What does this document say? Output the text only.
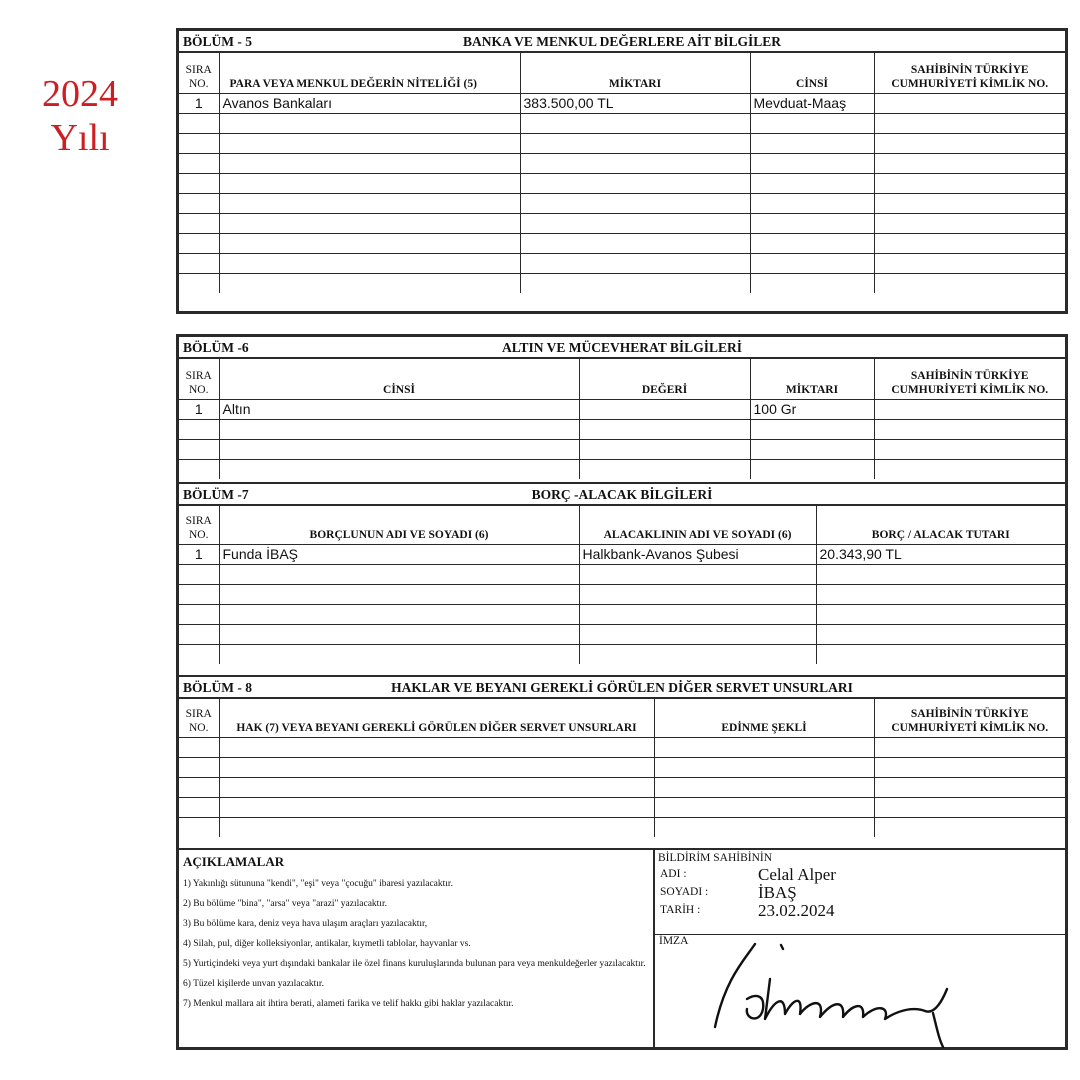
2024
Yılı
BÖLÜM - 5	BANKA VE MENKUL DEĞERLERE AİT BİLGİLER
SIRA NO.	PARA VEYA MENKUL DEĞERİN NİTELİĞİ (5)	MİKTARI	CİNSİ	SAHİBİNİN TÜRKİYE CUMHURİYETİ KİMLİK NO.
1	Avanos Bankaları	383.500,00 TL	Mevduat-Maaş	

BÖLÜM -6	ALTIN VE MÜCEVHERAT BİLGİLERİ
SIRA NO.	CİNSİ	DEĞERİ	MİKTARI	SAHİBİNİN TÜRKİYE CUMHURİYETİ KİMLİK NO.
1	Altın		100 Gr	

BÖLÜM -7	BORÇ -ALACAK BİLGİLERİ
SIRA NO.	BORÇLUNUN ADI VE SOYADI (6)	ALACAKLININ ADI VE SOYADI (6)	BORÇ / ALACAK TUTARI
1	Funda İBAŞ	Halkbank-Avanos Şubesi	20.343,90 TL

BÖLÜM - 8	HAKLAR VE BEYANI GEREKLİ GÖRÜLEN DİĞER SERVET UNSURLARI
SIRA NO.	HAK (7) VEYA BEYANI GEREKLİ GÖRÜLEN DİĞER SERVET UNSURLARI	EDİNME ŞEKLİ	SAHİBİNİN TÜRKİYE CUMHURİYETİ KİMLİK NO.

AÇIKLAMALAR
1) Yakınlığı sütununa "kendi", "eşi" veya "çocuğu" ibaresi yazılacaktır.
2) Bu bölüme "bina", "arsa" veya "arazi" yazılacaktır.
3) Bu bölüme kara, deniz veya hava ulaşım araçları yazılacaktır,
4) Silah, pul, diğer kolleksiyonlar, antikalar, kıymetli tablolar, hayvanlar vs.
5) Yurtiçindeki veya yurt dışındaki bankalar ile özel finans kuruluşlarında bulunan para veya menkuldeğerler yazılacaktır.
6) Tüzel kişilerde unvan yazılacaktır.
7) Menkul mallara ait ihtira berati, alameti farika ve telif hakkı gibi haklar yazılacaktır.
BİLDİRİM SAHİBİNİN
ADI :	Celal Alper
SOYADI :	İBAŞ
TARİH :	23.02.2024
İMZA
